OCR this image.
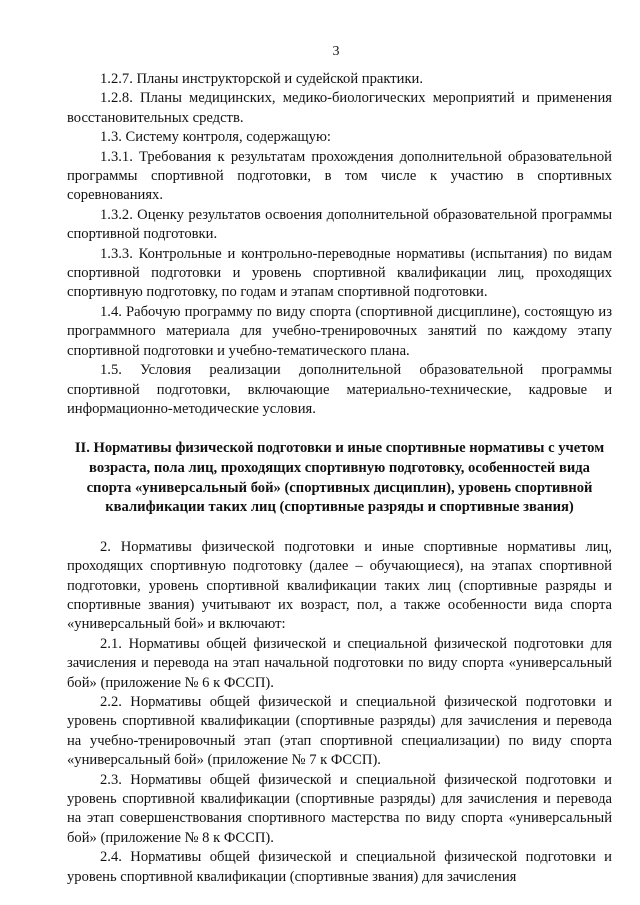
3

1.2.7. Планы инструкторской и судейской практики.

1.2.8. Планы медицинских, медико-биологических мероприятий и применения восстановительных средств.

1.3. Систему контроля, содержащую:

1.3.1. Требования к результатам прохождения дополнительной образовательной программы спортивной подготовки, в том числе к участию в спортивных соревнованиях.

1.3.2. Оценку результатов освоения дополнительной образовательной программы спортивной подготовки.

1.3.3. Контрольные и контрольно-переводные нормативы (испытания) по видам спортивной подготовки и уровень спортивной квалификации лиц, проходящих спортивную подготовку, по годам и этапам спортивной подготовки.

1.4. Рабочую программу по виду спорта (спортивной дисциплине), состоящую из программного материала для учебно-тренировочных занятий по каждому этапу спортивной подготовки и учебно-тематического плана.

1.5. Условия реализации дополнительной образовательной программы спортивной подготовки, включающие материально-технические, кадровые и информационно-методические условия.

II. Нормативы физической подготовки и иные спортивные нормативы с учетом возраста, пола лиц, проходящих спортивную подготовку, особенностей вида спорта «универсальный бой» (спортивных дисциплин), уровень спортивной квалификации таких лиц (спортивные разряды и спортивные звания)

2. Нормативы физической подготовки и иные спортивные нормативы лиц, проходящих спортивную подготовку (далее – обучающиеся), на этапах спортивной подготовки, уровень спортивной квалификации таких лиц (спортивные разряды и спортивные звания) учитывают их возраст, пол, а также особенности вида спорта «универсальный бой» и включают:

2.1. Нормативы общей физической и специальной физической подготовки для зачисления и перевода на этап начальной подготовки по виду спорта «универсальный бой» (приложение № 6 к ФССП).

2.2. Нормативы общей физической и специальной физической подготовки и уровень спортивной квалификации (спортивные разряды) для зачисления и перевода на учебно-тренировочный этап (этап спортивной специализации) по виду спорта «универсальный бой» (приложение № 7 к ФССП).

2.3. Нормативы общей физической и специальной физической подготовки и уровень спортивной квалификации (спортивные разряды) для зачисления и перевода на этап совершенствования спортивного мастерства по виду спорта «универсальный бой» (приложение № 8 к ФССП).

2.4. Нормативы общей физической и специальной физической подготовки и уровень спортивной квалификации (спортивные звания) для зачисления
